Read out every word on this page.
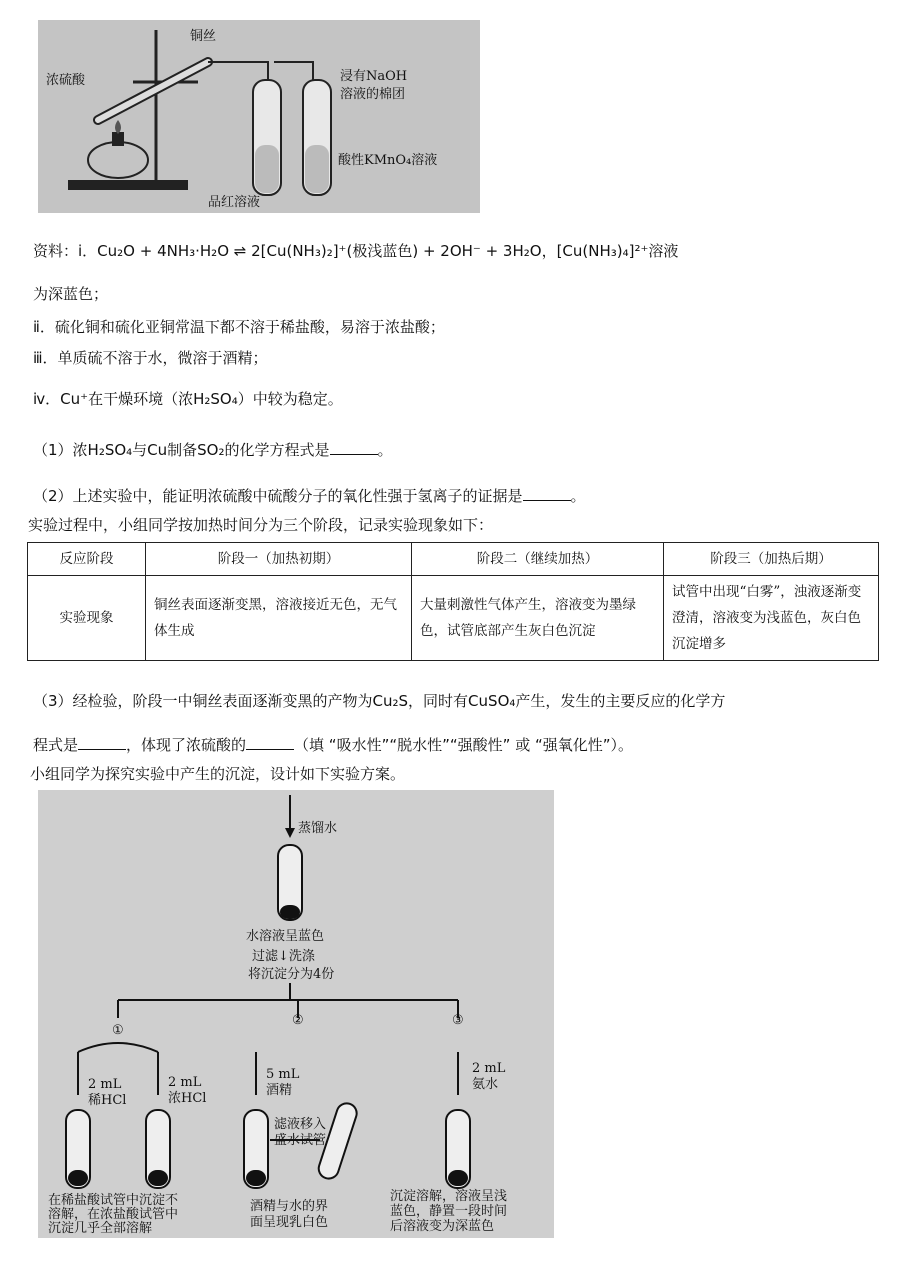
铜丝
浓硫酸	浸有NaOH
溶液的棉团
酸性KMnO₄溶液
品红溶液
资料：ⅰ．Cu₂O + 4NH₃·H₂O ⇌ 2[Cu(NH₃)₂]⁺(极浅蓝色) + 2OH⁻ + 3H₂O，[Cu(NH₃)₄]²⁺溶液
为深蓝色；
ⅱ．硫化铜和硫化亚铜常温下都不溶于稀盐酸，易溶于浓盐酸；
ⅲ．单质硫不溶于水，微溶于酒精；
ⅳ．Cu⁺在干燥环境（浓H₂SO₄）中较为稳定。
（1）浓H₂SO₄与Cu制备SO₂的化学方程式是	。
（2）上述实验中，能证明浓硫酸中硫酸分子的氧化性强于氢离子的证据是	。
实验过程中，小组同学按加热时间分为三个阶段，记录实验现象如下：
反应阶段	阶段一（加热初期）	阶段二（继续加热）	阶段三（加热后期）
实验现象	铜丝表面逐渐变黑，溶液接近无色，无气体生成	大量刺激性气体产生，溶液变为墨绿色，试管底部产生灰白色沉淀	试管中出现“白雾”，浊液逐渐变澄清，溶液变为浅蓝色，灰白色沉淀增多
（3）经检验，阶段一中铜丝表面逐渐变黑的产物为Cu₂S，同时有CuSO₄产生，发生的主要反应的化学方
程式是	，体现了浓硫酸的	（填 “吸水性”“脱水性”“强酸性” 或 “强氧化性”）。
小组同学为探究实验中产生的沉淀，设计如下实验方案。
蒸馏水
水溶液呈蓝色
过滤↓洗涤
将沉淀分为4份
①
②	③
2 mL
稀HCl
2 mL
浓HCl
5 mL
酒精
滤液移入
盛水试管
2 mL
氨水
在稀盐酸试管中沉淀不
溶解，在浓盐酸试管中
沉淀几乎全部溶解
酒精与水的界
面呈现乳白色
沉淀溶解，溶液呈浅
蓝色，静置一段时间
后溶液变为深蓝色
